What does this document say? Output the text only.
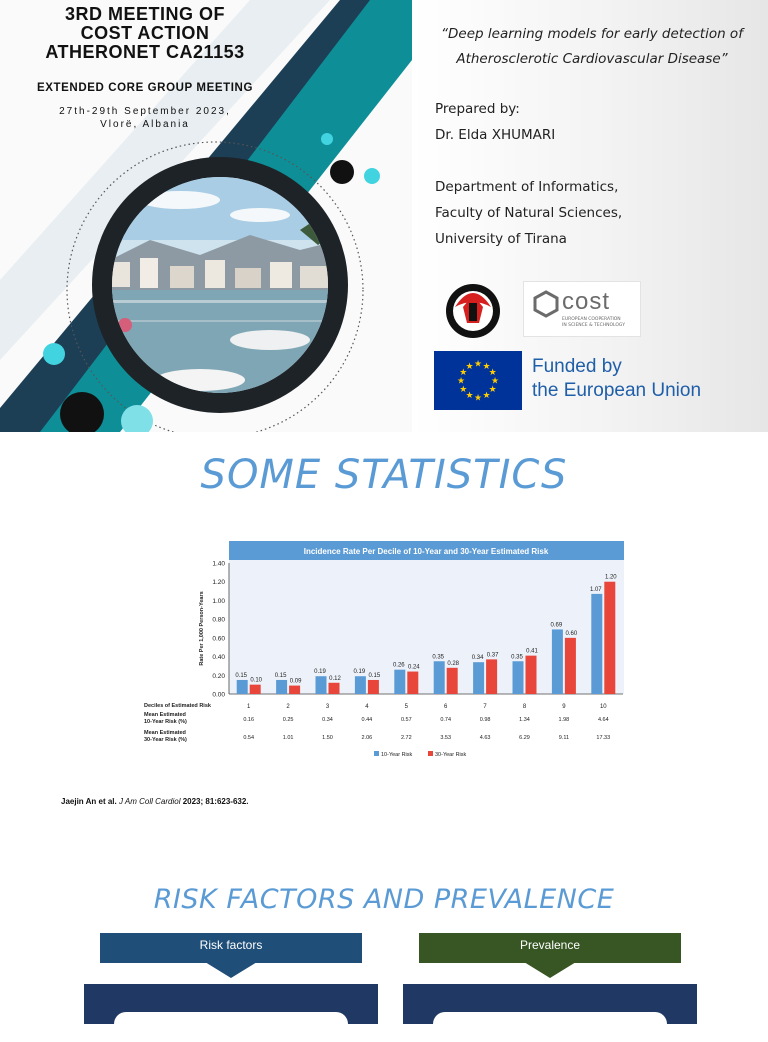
3RD MEETING OF
COST ACTION
ATHERONET CA21153
EXTENDED CORE GROUP MEETING
27th-29th September 2023,
Vlorë, Albania
“Deep learning models for early detection of Atherosclerotic Cardiovascular Disease”
Prepared by:
Dr. Elda XHUMARI
Department of Informatics,
Faculty of Natural Sciences,
University of Tirana
cost
EUROPEAN COOPERATION
IN SCIENCE & TECHNOLOGY
★
★
★
★
★
★
★
★
★ ★ ★
★ Funded by
the European Union
SOME STATISTICS
Incidence Rate Per Decile of 10-Year and 30-Year Estimated Risk
0.00
0.20
0.40
0.60
0.80
1.00
1.20
1.40
Rate Per 1,000 Person-Years
0.15
0.10
1
0.16
0.54
0.15
0.09
2
0.25
1.01
0.19
0.12
3
0.34
1.50
0.19
0.15
4
0.44
2.06
0.26 0.24
5
0.57
2.72
0.35
0.28
6
0.74
3.53
0.34 0.37
7
0.98
4.63
0.35
0.41
8
1.34
6.29
0.69
0.60
9
1.98
9.11
1.07
1.20
10
4.64
17.33
Deciles of Estimated Risk
Mean Estimated
10-Year Risk (%)
Mean Estimated
30-Year Risk (%)
10-Year Risk	30-Year Risk
Jaejin An et al. J Am Coll Cardiol 2023; 81:623-632.
RISK FACTORS AND PREVALENCE
Risk factors	Prevalence
